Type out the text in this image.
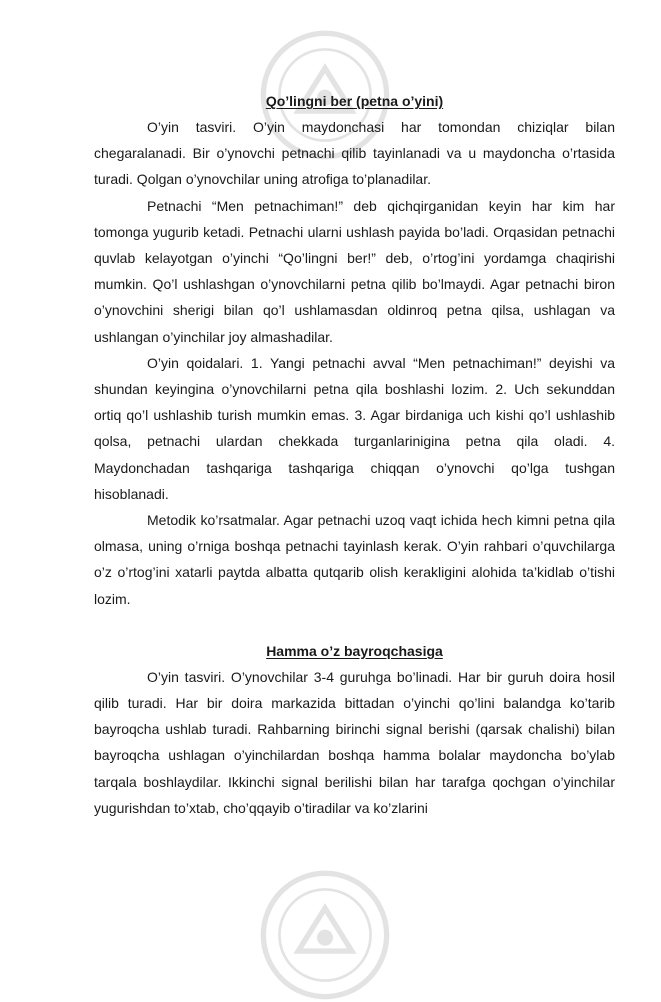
Qo’lingni ber (petna o’yini)

O’yin tasviri. O’yin maydonchasi har tomondan chiziqlar bilan chegaralanadi. Bir o’ynovchi petnachi qilib tayinlanadi va u maydoncha o’rtasida turadi. Qolgan o’ynovchilar uning atrofiga to’planadilar.

Petnachi “Men petnachiman!” deb qichqirganidan keyin har kim har tomonga yugurib ketadi. Petnachi ularni ushlash payida bo’ladi. Orqasidan petnachi quvlab kelayotgan o’yinchi “Qo’lingni ber!” deb, o’rtog’ini yordamga chaqirishi mumkin. Qo’l ushlashgan o’ynovchilarni petna qilib bo’lmaydi. Agar petnachi biron o’ynovchini sherigi bilan qo’l ushlamasdan oldinroq petna qilsa, ushlagan va ushlangan o’yinchilar joy almashadilar.

O’yin qoidalari. 1. Yangi petnachi avval “Men petnachiman!” deyishi va shundan keyingina o’ynovchilarni petna qila boshlashi lozim. 2. Uch sekunddan ortiq qo’l ushlashib turish mumkin emas. 3. Agar birdaniga uch kishi qo’l ushlashib qolsa, petnachi ulardan chekkada turganlarinigina petna qila oladi. 4. Maydonchadan tashqariga tashqariga chiqqan o’ynovchi qo’lga tushgan hisoblanadi.

Metodik ko’rsatmalar. Agar petnachi uzoq vaqt ichida hech kimni petna qila olmasa, uning o’rniga boshqa petnachi tayinlash kerak. O’yin rahbari o’quvchilarga o’z o’rtog’ini xatarli paytda albatta qutqarib olish kerakligini alohida ta’kidlab o’tishi lozim.

Hamma o’z bayroqchasiga

O’yin tasviri. O’ynovchilar 3-4 guruhga bo’linadi. Har bir guruh doira hosil qilib turadi. Har bir doira markazida bittadan o’yinchi qo’lini balandga ko’tarib bayroqcha ushlab turadi. Rahbarning birinchi signal berishi (qarsak chalishi) bilan bayroqcha ushlagan o’yinchilardan boshqa hamma bolalar maydoncha bo’ylab tarqala boshlaydilar. Ikkinchi signal berilishi bilan har tarafga qochgan o’yinchilar yugurishdan to’xtab, cho’qqayib o’tiradilar va ko’zlarini
